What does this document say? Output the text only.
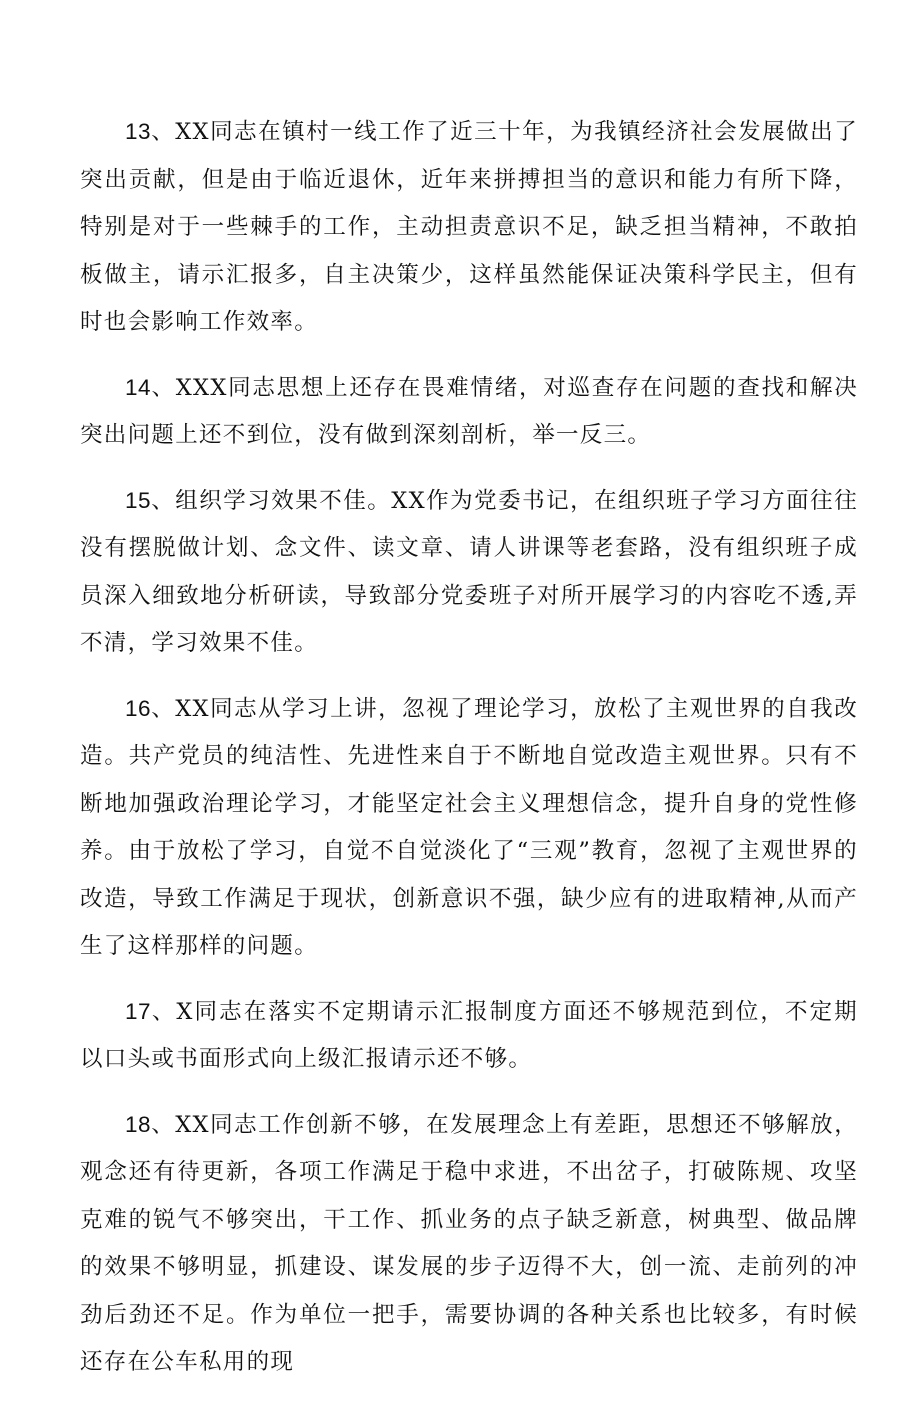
13、XX同志在镇村一线工作了近三十年，为我镇经济社会发展做出了突出贡献，但是由于临近退休，近年来拼搏担当的意识和能力有所下降，特别是对于一些棘手的工作，主动担责意识不足，缺乏担当精神，不敢拍板做主，请示汇报多，自主决策少，这样虽然能保证决策科学民主，但有时也会影响工作效率。

14、XXX同志思想上还存在畏难情绪，对巡查存在问题的查找和解决突出问题上还不到位，没有做到深刻剖析，举一反三。

15、组织学习效果不佳。XX作为党委书记，在组织班子学习方面往往没有摆脱做计划、念文件、读文章、请人讲课等老套路，没有组织班子成员深入细致地分析研读，导致部分党委班子对所开展学习的内容吃不透,弄不清，学习效果不佳。

16、XX同志从学习上讲，忽视了理论学习，放松了主观世界的自我改造。共产党员的纯洁性、先进性来自于不断地自觉改造主观世界。只有不断地加强政治理论学习，才能坚定社会主义理想信念，提升自身的党性修养。由于放松了学习，自觉不自觉淡化了“三观”教育，忽视了主观世界的改造，导致工作满足于现状，创新意识不强，缺少应有的进取精神,从而产生了这样那样的问题。

17、X同志在落实不定期请示汇报制度方面还不够规范到位，不定期以口头或书面形式向上级汇报请示还不够。

18、XX同志工作创新不够，在发展理念上有差距，思想还不够解放，观念还有待更新，各项工作满足于稳中求进，不出岔子，打破陈规、攻坚克难的锐气不够突出，干工作、抓业务的点子缺乏新意，树典型、做品牌的效果不够明显，抓建设、谋发展的步子迈得不大，创一流、走前列的冲劲后劲还不足。作为单位一把手，需要协调的各种关系也比较多，有时候还存在公车私用的现
